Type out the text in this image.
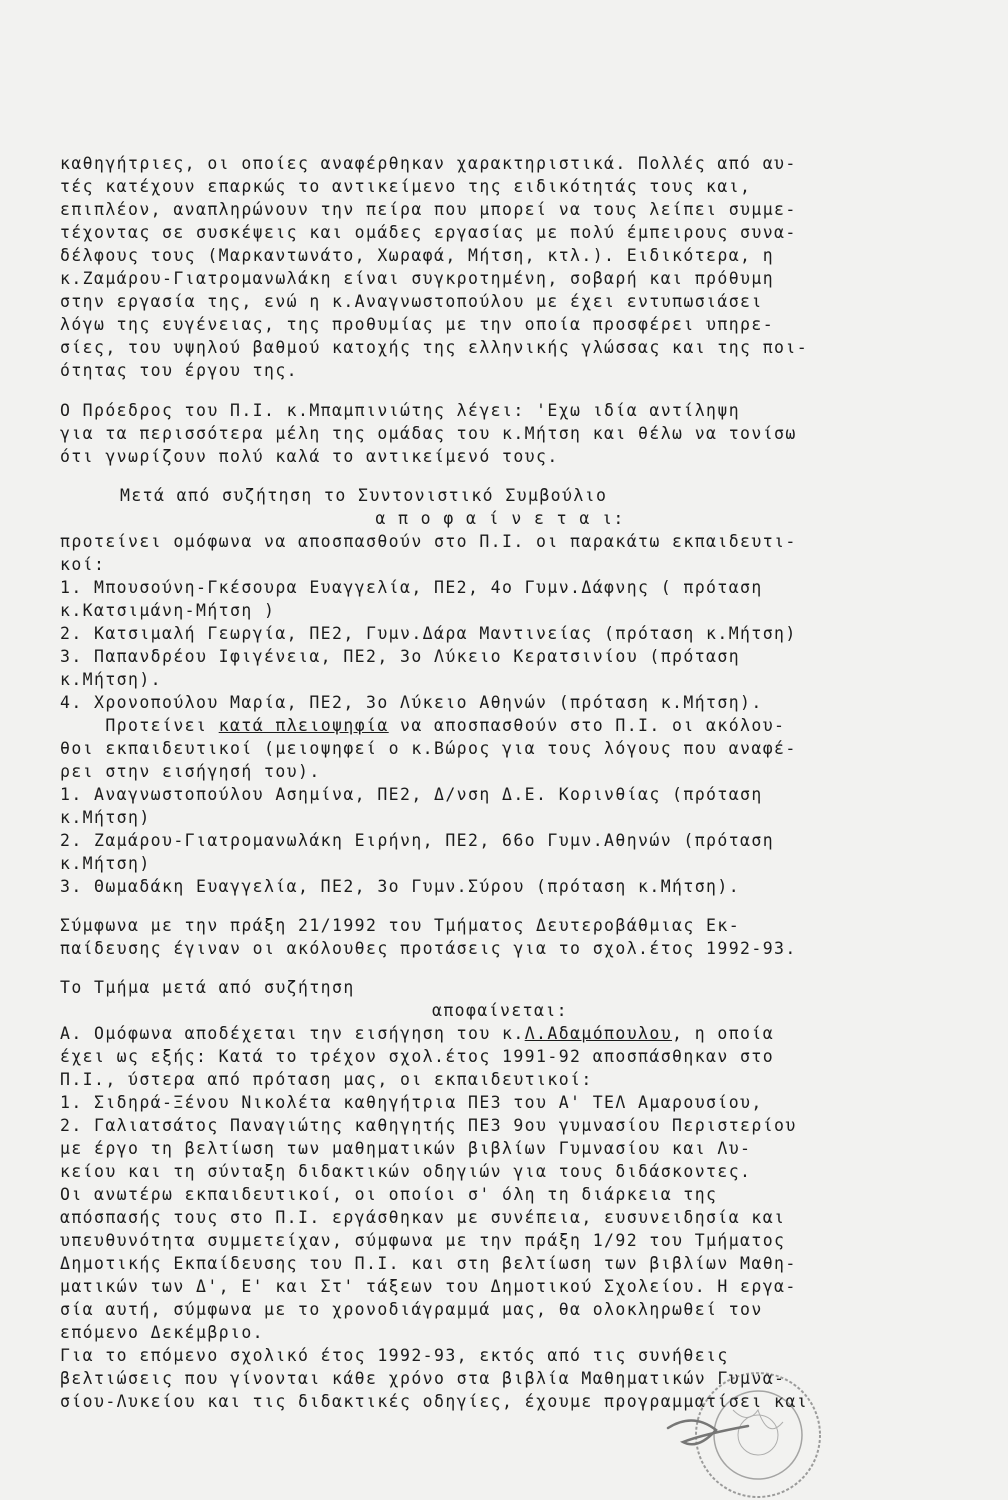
καθηγήτριες, οι οποίες αναφέρθηκαν χαρακτηριστικά. Πολλές από αυ-
τές κατέχουν επαρκώς το αντικείμενο της ειδικότητάς τους και,
επιπλέον, αναπληρώνουν την πείρα που μπορεί να τους λείπει συμμε-
τέχοντας σε συσκέψεις και ομάδες εργασίας με πολύ έμπειρους συνα-
δέλφους τους (Μαρκαντωνάτο, Χωραφά, Μήτση, κτλ.). Ειδικότερα, η
κ.Ζαμάρου-Γιατρομανωλάκη είναι συγκροτημένη, σοβαρή και πρόθυμη
στην εργασία της, ενώ η κ.Αναγνωστοπούλου με έχει εντυπωσιάσει
λόγω της ευγένειας, της προθυμίας με την οποία προσφέρει υπηρε-
σίες, του υψηλού βαθμού κατοχής της ελληνικής γλώσσας και της ποι-
ότητας του έργου της.
Ο Πρόεδρος του Π.Ι. κ.Μπαμπινιώτης λέγει: 'Εχω ιδία αντίληψη
για τα περισσότερα μέλη της ομάδας του κ.Μήτση και θέλω να τονίσω
ότι γνωρίζουν πολύ καλά το αντικείμενό τους.
Μετά από συζήτηση το Συντονιστικό Συμβούλιο
α π ο φ α ί ν ε τ α ι:
προτείνει ομόφωνα να αποσπασθούν στο Π.Ι. οι παρακάτω εκπαιδευτι-
κοί:
1. Μπουσούνη-Γκέσουρα Ευαγγελία, ΠΕ2, 4ο Γυμν.Δάφνης ( πρόταση
κ.Κατσιμάνη-Μήτση )
2. Κατσιμαλή Γεωργία, ΠΕ2, Γυμν.Δάρα Μαντινείας (πρόταση κ.Μήτση)
3. Παπανδρέου Ιφιγένεια, ΠΕ2, 3ο Λύκειο Κερατσινίου (πρόταση
κ.Μήτση).
4. Χρονοπούλου Μαρία, ΠΕ2, 3ο Λύκειο Αθηνών (πρόταση κ.Μήτση).
Προτείνει κατά πλειοψηφία να αποσπασθούν στο Π.Ι. οι ακόλου-
θοι εκπαιδευτικοί (μειοψηφεί ο κ.Βώρος για τους λόγους που αναφέ-
ρει στην εισήγησή του).
1. Αναγνωστοπούλου Ασημίνα, ΠΕ2, Δ/νση Δ.Ε. Κορινθίας (πρόταση
κ.Μήτση)
2. Ζαμάρου-Γιατρομανωλάκη Ειρήνη, ΠΕ2, 66ο Γυμν.Αθηνών (πρόταση
κ.Μήτση)
3. Θωμαδάκη Ευαγγελία, ΠΕ2, 3ο Γυμν.Σύρου (πρόταση κ.Μήτση).
Σύμφωνα με την πράξη 21/1992 του Τμήματος Δευτεροβάθμιας Εκ-
παίδευσης έγιναν οι ακόλουθες προτάσεις για το σχολ.έτος 1992-93.
Το Τμήμα μετά από συζήτηση
αποφαίνεται:
Α. Ομόφωνα αποδέχεται την εισήγηση του κ.Λ.Αδαμόπουλου, η οποία
έχει ως εξής: Κατά το τρέχον σχολ.έτος 1991-92 αποσπάσθηκαν στο
Π.Ι., ύστερα από πρόταση μας, οι εκπαιδευτικοί:
1. Σιδηρά-Ξένου Νικολέτα καθηγήτρια ΠΕ3 του Α' ΤΕΛ Αμαρουσίου,
2. Γαλιατσάτος Παναγιώτης καθηγητής ΠΕ3 9ου γυμνασίου Περιστερίου
με έργο τη βελτίωση των μαθηματικών βιβλίων Γυμνασίου και Λυ-
κείου και τη σύνταξη διδακτικών οδηγιών για τους διδάσκοντες.
Οι ανωτέρω εκπαιδευτικοί, οι οποίοι σ' όλη τη διάρκεια της
απόσπασής τους στο Π.Ι. εργάσθηκαν με συνέπεια, ευσυνειδησία και
υπευθυνότητα συμμετείχαν, σύμφωνα με την πράξη 1/92 του Τμήματος
Δημοτικής Εκπαίδευσης του Π.Ι. και στη βελτίωση των βιβλίων Μαθη-
ματικών των Δ', Ε' και Στ' τάξεων του Δημοτικού Σχολείου. Η εργα-
σία αυτή, σύμφωνα με το χρονοδιάγραμμά μας, θα ολοκληρωθεί τον
επόμενο Δεκέμβριο.
Για το επόμενο σχολικό έτος 1992-93, εκτός από τις συνήθεις
βελτιώσεις που γίνονται κάθε χρόνο στα βιβλία Μαθηματικών Γυμνα-
σίου-Λυκείου και τις διδακτικές οδηγίες, έχουμε προγραμματίσει και
